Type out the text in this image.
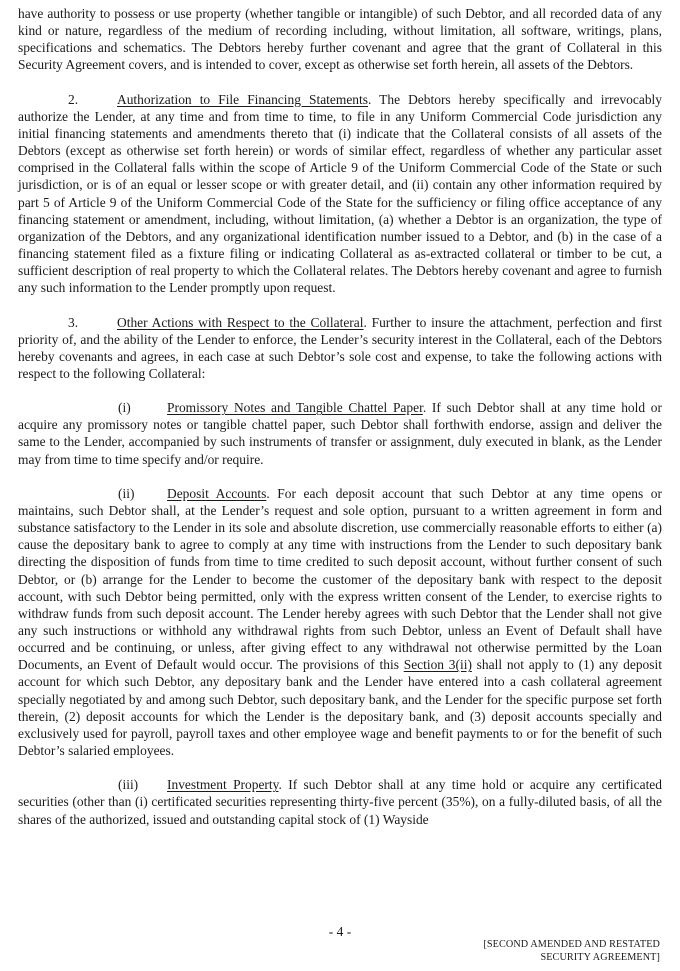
have authority to possess or use property (whether tangible or intangible) of such Debtor, and all recorded data of any kind or nature, regardless of the medium of recording including, without limitation, all software, writings, plans, specifications and schematics. The Debtors hereby further covenant and agree that the grant of Collateral in this Security Agreement covers, and is intended to cover, except as otherwise set forth herein, all assets of the Debtors.

2.	Authorization to File Financing Statements. The Debtors hereby specifically and irrevocably authorize the Lender, at any time and from time to time, to file in any Uniform Commercial Code jurisdiction any initial financing statements and amendments thereto that (i) indicate that the Collateral consists of all assets of the Debtors (except as otherwise set forth herein) or words of similar effect, regardless of whether any particular asset comprised in the Collateral falls within the scope of Article 9 of the Uniform Commercial Code of the State or such jurisdiction, or is of an equal or lesser scope or with greater detail, and (ii) contain any other information required by part 5 of Article 9 of the Uniform Commercial Code of the State for the sufficiency or filing office acceptance of any financing statement or amendment, including, without limitation, (a) whether a Debtor is an organization, the type of organization of the Debtors, and any organizational identification number issued to a Debtor, and (b) in the case of a financing statement filed as a fixture filing or indicating Collateral as as-extracted collateral or timber to be cut, a sufficient description of real property to which the Collateral relates. The Debtors hereby covenant and agree to furnish any such information to the Lender promptly upon request.

3.	Other Actions with Respect to the Collateral. Further to insure the attachment, perfection and first priority of, and the ability of the Lender to enforce, the Lender’s security interest in the Collateral, each of the Debtors hereby covenants and agrees, in each case at such Debtor’s sole cost and expense, to take the following actions with respect to the following Collateral:

(i)	Promissory Notes and Tangible Chattel Paper. If such Debtor shall at any time hold or acquire any promissory notes or tangible chattel paper, such Debtor shall forthwith endorse, assign and deliver the same to the Lender, accompanied by such instruments of transfer or assignment, duly executed in blank, as the Lender may from time to time specify and/or require.

(ii) Deposit Accounts. For each deposit account that such Debtor at any time opens or maintains, such Debtor shall, at the Lender’s request and sole option, pursuant to a written agreement in form and substance satisfactory to the Lender in its sole and absolute discretion, use commercially reasonable efforts to either (a) cause the depositary bank to agree to comply at any time with instructions from the Lender to such depositary bank directing the disposition of funds from time to time credited to such deposit account, without further consent of such Debtor, or (b) arrange for the Lender to become the customer of the depositary bank with respect to the deposit account, with such Debtor being permitted, only with the express written consent of the Lender, to exercise rights to withdraw funds from such deposit account. The Lender hereby agrees with such Debtor that the Lender shall not give any such instructions or withhold any withdrawal rights from such Debtor, unless an Event of Default shall have occurred and be continuing, or unless, after giving effect to any withdrawal not otherwise permitted by the Loan Documents, an Event of Default would occur. The provisions of this Section 3(ii) shall not apply to (1) any deposit account for which such Debtor, any depositary bank and the Lender have entered into a cash collateral agreement specially negotiated by and among such Debtor, such depositary bank, and the Lender for the specific purpose set forth therein, (2) deposit accounts for which the Lender is the depositary bank, and (3) deposit accounts specially and exclusively used for payroll, payroll taxes and other employee wage and benefit payments to or for the benefit of such Debtor’s salaried employees.

(iii) Investment Property. If such Debtor shall at any time hold or acquire any certificated securities (other than (i) certificated securities representing thirty-five percent (35%), on a fully-diluted basis, of all the shares of the authorized, issued and outstanding capital stock of (1) Wayside

- 4 -
[SECOND AMENDED AND RESTATED
SECURITY AGREEMENT]
